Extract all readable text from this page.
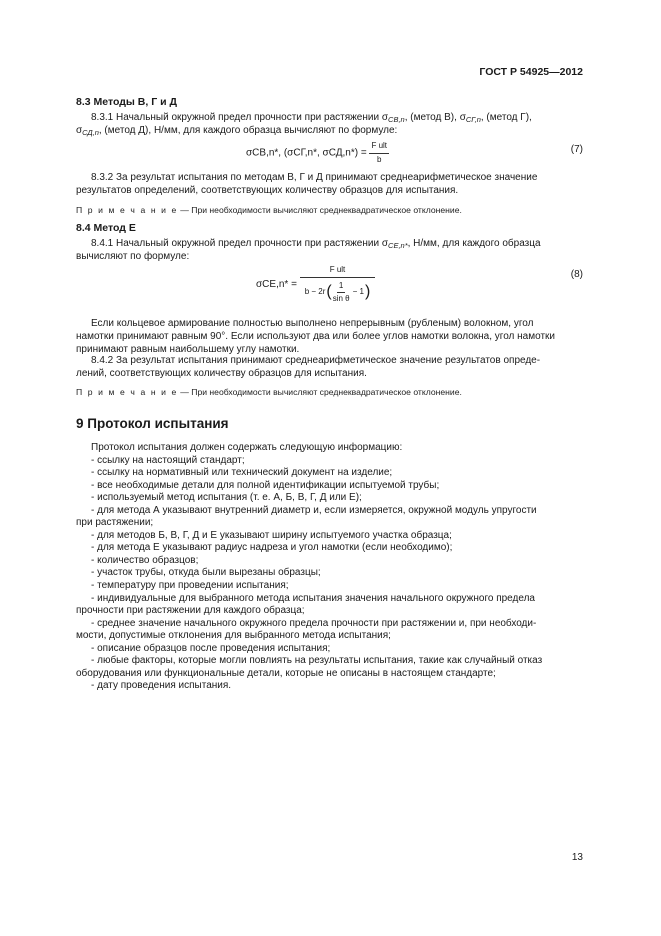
ГОСТ Р 54925—2012
8.3 Методы В, Г и Д
8.3.1 Начальный окружной предел прочности при растяжении $\sigma_{СВ,n}$, (метод В), $\sigma_{СГ,n}$, (метод Г),
$\sigma_{СД,n}$, (метод Д), Н/мм, для каждого образца вычисляют по формуле:
σСВ,n*, (σСГ,n*, $\sigma СД,n*) = \frac{\text{F ult}}{b}$	(7)
8.3.2 За результат испытания по методам В, Г и Д принимают среднеарифметическое значение
результатов определений, соответствующих количеству образцов для испытания.
П р и м е ч а н и е — При необходимости вычисляют среднеквадратическое отклонение.
8.4 Метод Е
8.4.1 Начальный окружной предел прочности при растяжении $\sigma_{CE,n*}$, Н/мм, для каждого образца
вычисляют по формуле:
σCE,n* =
F ult
b − 2r ( $\frac{1}{\text{sin θ}} - 1$ )
(8)
Если кольцевое армирование полностью выполнено непрерывным (рубленым) волокном, угол
намотки принимают равным 90°. Если используют два или более углов намотки волокна, угол намотки
принимают равным наибольшему углу намотки.
8.4.2 За результат испытания принимают среднеарифметическое значение результатов опреде-
лений, соответствующих количеству образцов для испытания.
П р и м е ч а н и е — При необходимости вычисляют среднеквадратическое отклонение.
9 Протокол испытания
Протокол испытания должен содержать следующую информацию:
- ссылку на настоящий стандарт;
- ссылку на нормативный или технический документ на изделие;
- все необходимые детали для полной идентификации испытуемой трубы;
- используемый метод испытания (т. е. А, Б, В, Г, Д или Е);
- для метода А указывают внутренний диаметр и, если измеряется, окружной модуль упругости
при растяжении;
- для методов Б, В, Г, Д и Е указывают ширину испытуемого участка образца;
- для метода Е указывают радиус надреза и угол намотки (если необходимо);
- количество образцов;
- участок трубы, откуда были вырезаны образцы;
- температуру при проведении испытания;
- индивидуальные для выбранного метода испытания значения начального окружного предела
прочности при растяжении для каждого образца;
- среднее значение начального окружного предела прочности при растяжении и, при необходи-
мости, допустимые отклонения для выбранного метода испытания;
- описание образцов после проведения испытания;
- любые факторы, которые могли повлиять на результаты испытания, такие как случайный отказ
оборудования или функциональные детали, которые не описаны в настоящем стандарте;
- дату проведения испытания.
13
